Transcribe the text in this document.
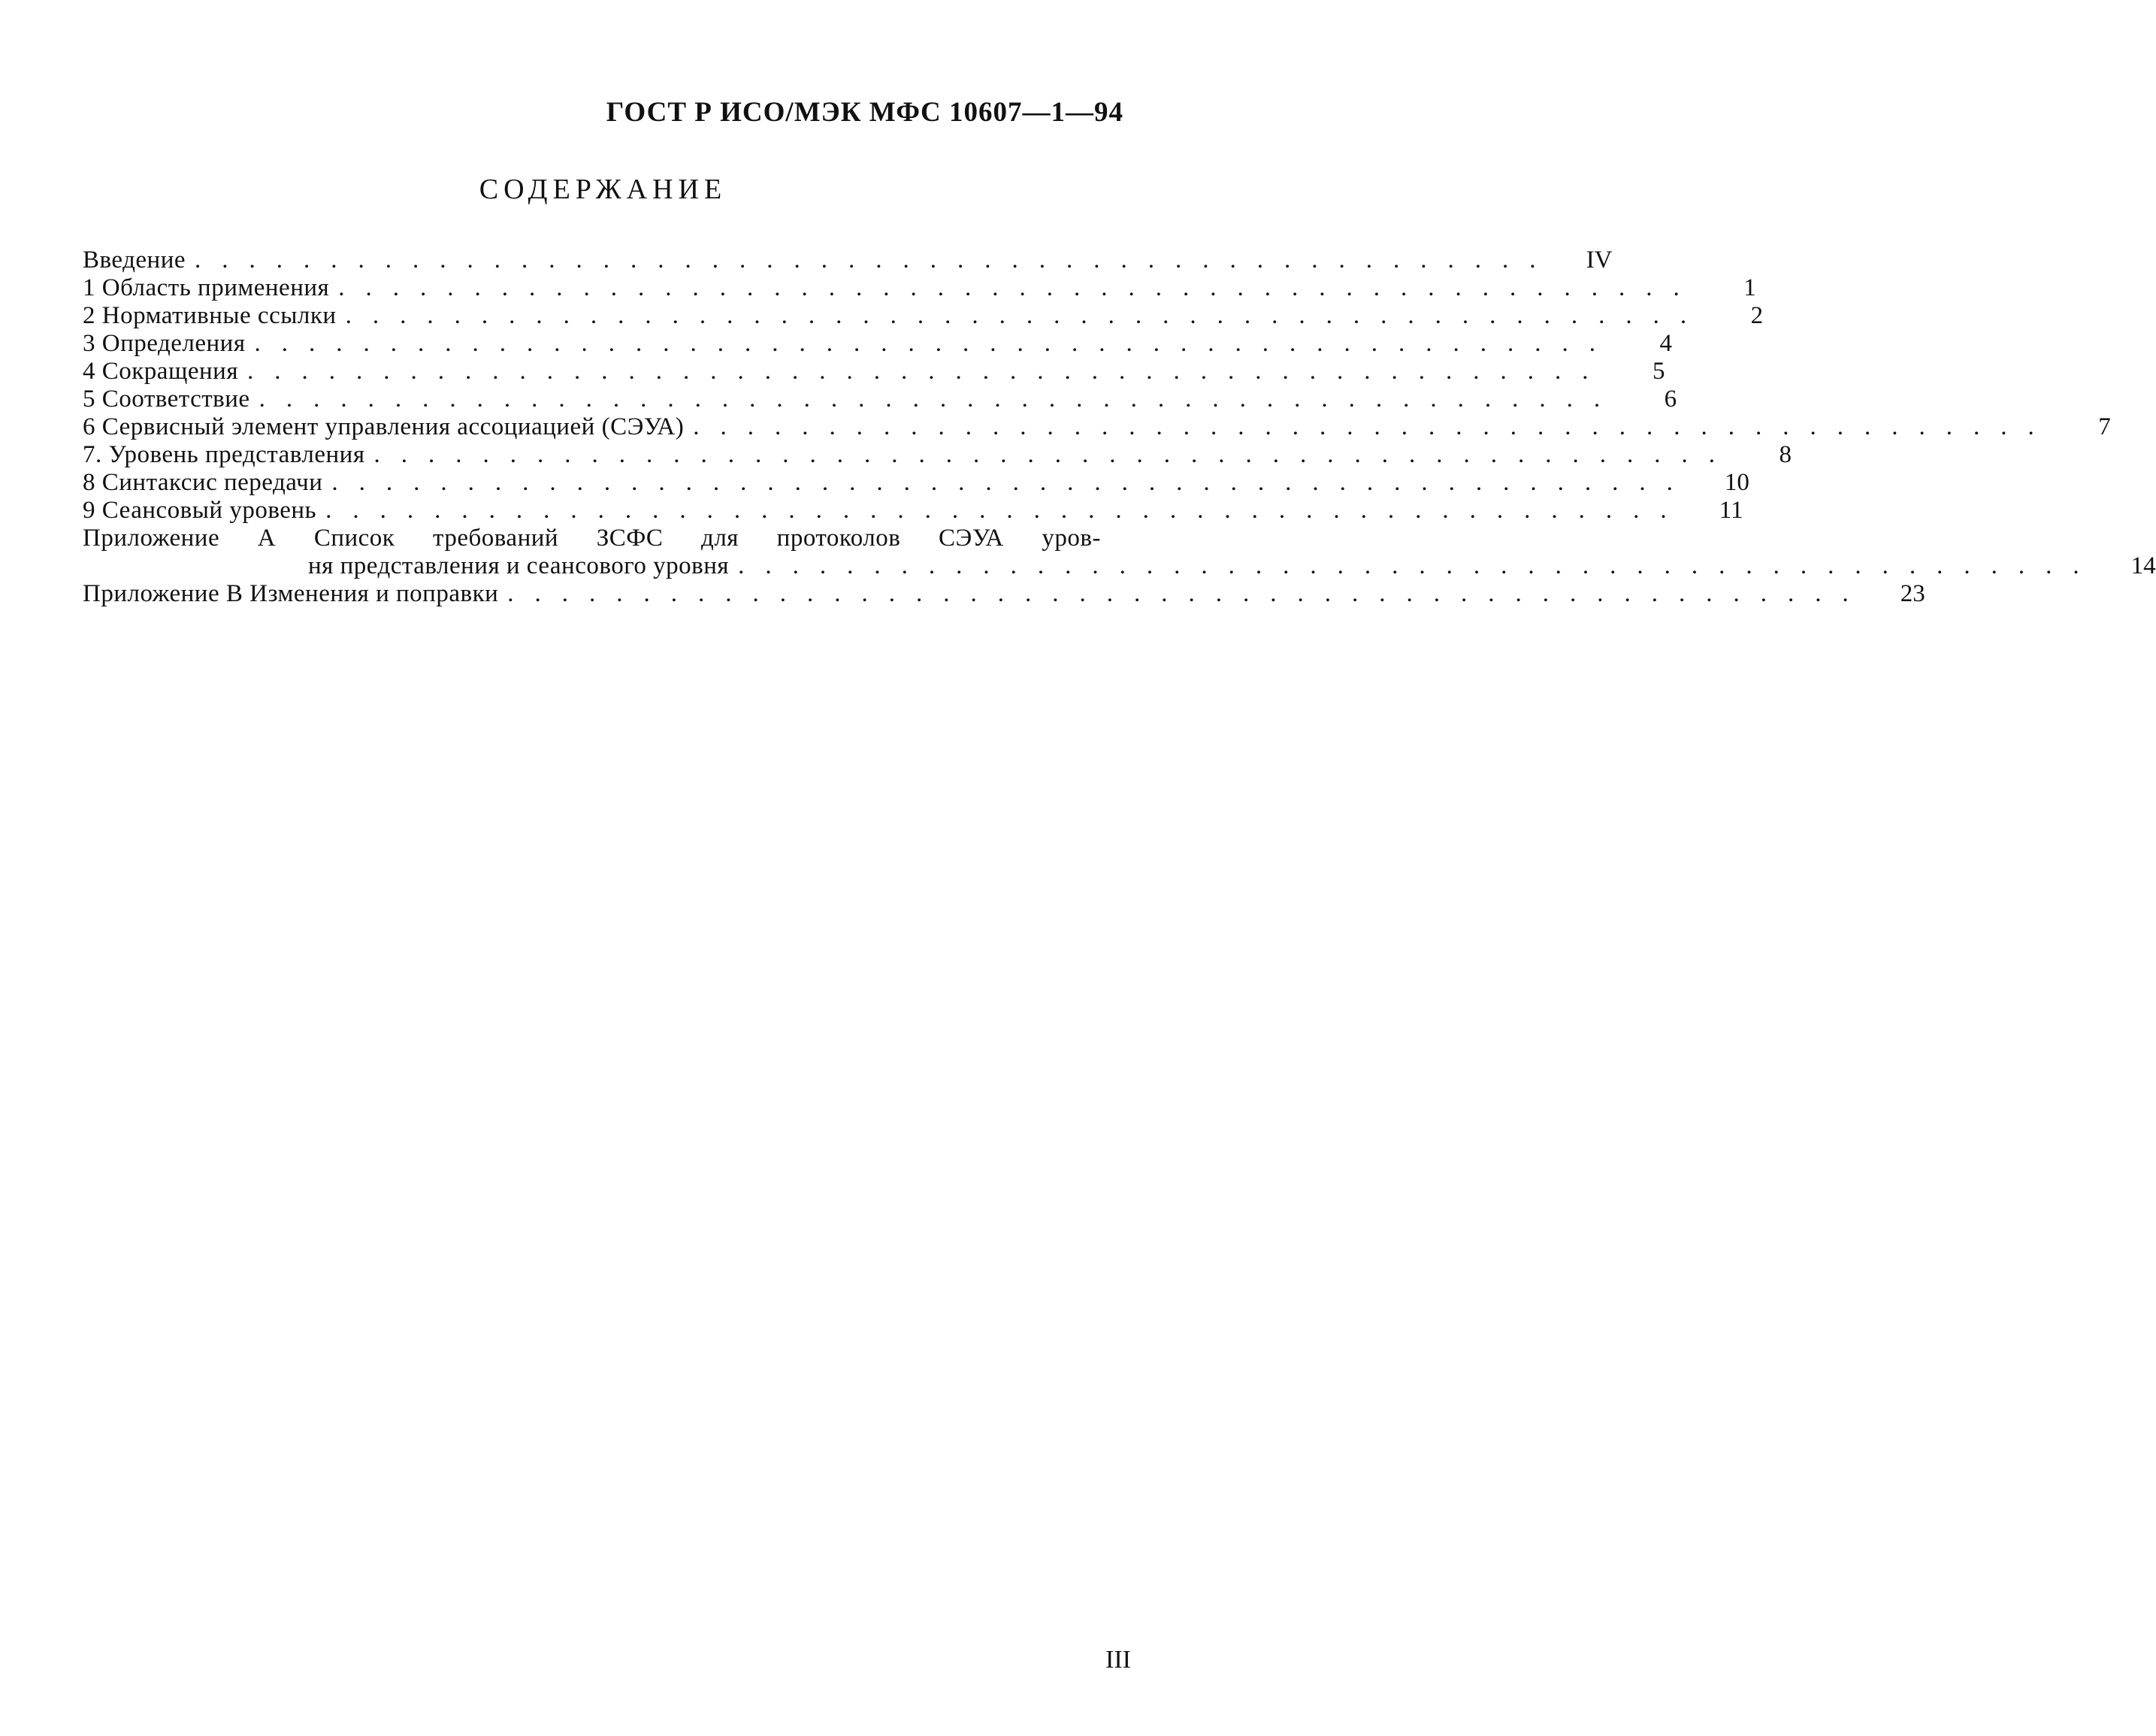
ГОСТ Р ИСО/МЭК МФС 10607—1—94
СОДЕРЖАНИЕ
Введение ..................................................	IV
1 Область применения ..................................................	1
2 Нормативные ссылки ..................................................	2
3 Определения ..................................................	4
4 Сокращения ..................................................	5
5 Соответствие ..................................................	6
6 Сервисный элемент управления ассоциацией (СЭУА) ..................................................	7
7. Уровень представления ..................................................	8
8 Синтаксис передачи ..................................................	10
9 Сеансовый уровень ..................................................	11
Приложение А Список требований ЗСФС для протоколов СЭУА уров-
ня представления и сеансового уровня ..................................................	14
Приложение В Изменения и поправки ..................................................	23
III
